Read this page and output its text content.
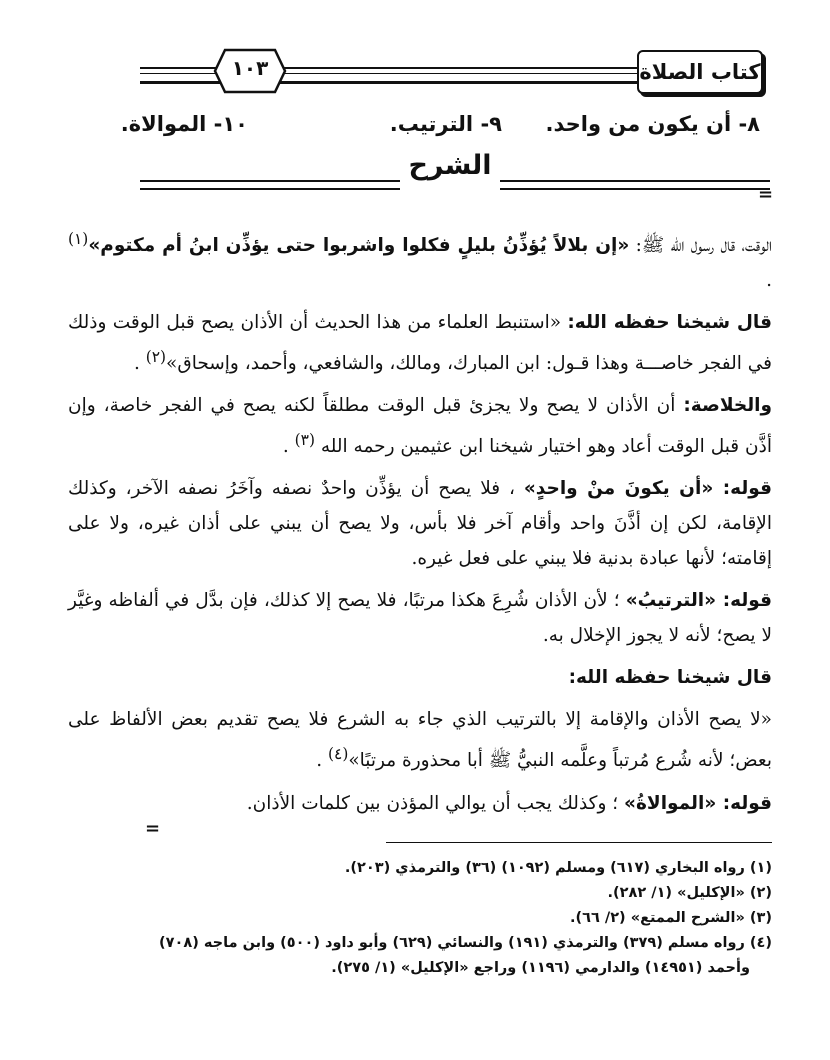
١٠٣	كتاب الصلاة
٨- أن يكون من واحد.
٩- الترتيب.
١٠- الموالاة.
الشرح
=

الوقت، قال رسول الله ﷺ: «إن بلالاً يُؤذِّنُ بليلٍ فكلوا واشربوا حتى يؤذِّن ابنُ أم مكتوم»$^{(١)}$ .

قال شيخنا حفظه الله: «استنبط العلماء من هذا الحديث أن الأذان يصح قبل الوقت وذلك في الفجر خاصـــة وهذا قـول: ابن المبارك، ومالك، والشافعي، وأحمد، وإسحاق»$^{(٢)}$ .

والخلاصة: أن الأذان لا يصح ولا يجزئ قبل الوقت مطلقاً لكنه يصح في الفجر خاصة، وإن أذَّن قبل الوقت أعاد وهو اختيار شيخنا ابن عثيمين رحمه الله $^{(٣)}$ .

قوله: «أن يكونَ منْ واحدٍ» ، فلا يصح أن يؤذِّن واحدٌ نصفه وآخَرُ نصفه الآخر، وكذلك الإقامة، لكن إن أذَّنَ واحد وأقام آخر فلا بأس، ولا يصح أن يبني على أذان غيره، ولا على إقامته؛ لأنها عبادة بدنية فلا يبني على فعل غيره.

قوله: «الترتيبُ» ؛ لأن الأذان شُرِعَ هكذا مرتبًا، فلا يصح إلا كذلك، فإن بدَّل في ألفاظه وغيَّر لا يصح؛ لأنه لا يجوز الإخلال به.

قال شيخنا حفظه الله:

«لا يصح الأذان والإقامة إلا بالترتيب الذي جاء به الشرع فلا يصح تقديم بعض الألفاظ على بعض؛ لأنه شُرع مُرتباً وعلَّمه النبيُّ ﷺ أبا محذورة مرتبًا»$^{(٤)}$ .

قوله: «الموالاةُ» ؛ وكذلك يجب أن يوالي المؤذن بين كلمات الأذان.

=
(١) رواه البخاري (٦١٧) ومسلم (١٠٩٢) (٣٦) والترمذي (٢٠٣).
(٢) «الإكليل» (١/ ٢٨٢).
(٣) «الشرح الممتع» (٢/ ٦٦).
(٤) رواه مسلم (٣٧٩) والترمذي (١٩١) والنسائي (٦٢٩) وأبو داود (٥٠٠) وابن ماجه (٧٠٨)
وأحمد (١٤٩٥١) والدارمي (١١٩٦) وراجع «الإكليل» (١/ ٢٧٥).
